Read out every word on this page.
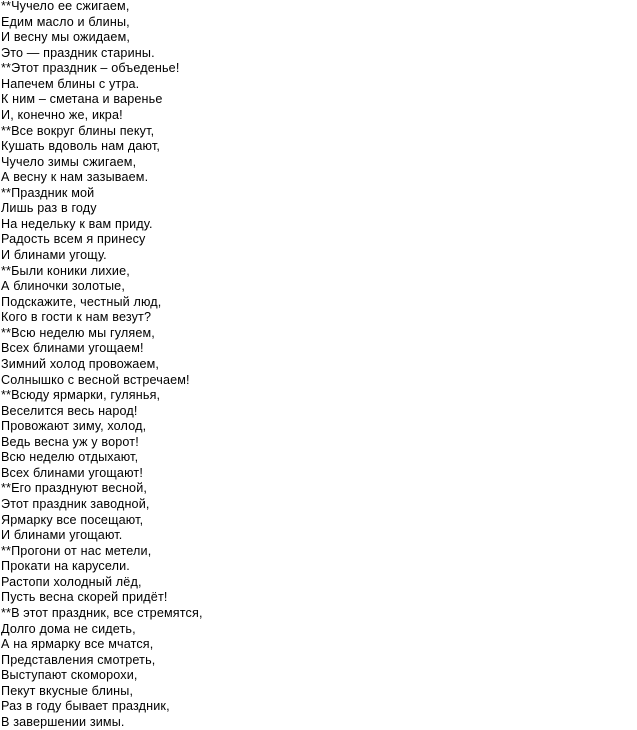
**Чучело ее сжигаем,
Едим масло и блины,
И весну мы ожидаем,
Это — праздник старины.
**Этот праздник – объеденье!
Напечем блины с утра.
К ним – сметана и варенье
И, конечно же, икра!
**Все вокруг блины пекут,
Кушать вдоволь нам дают,
Чучело зимы сжигаем,
А весну к нам зазываем.
**Праздник мой
Лишь раз в году
На недельку к вам приду.
Радость всем я принесу
И блинами угощу.
**Были коники лихие,
А блиночки золотые,
Подскажите, честный люд,
Кого в гости к нам везут?
**Всю неделю мы гуляем,
Всех блинами угощаем!
Зимний холод провожаем,
Солнышко с весной встречаем!
**Всюду ярмарки, гулянья,
Веселится весь народ!
Провожают зиму, холод,
Ведь весна уж у ворот!
Всю неделю отдыхают,
Всех блинами угощают!
**Его празднуют весной,
Этот праздник заводной,
Ярмарку все посещают,
И блинами угощают.
**Прогони от нас метели,
Прокати на карусели.
Растопи холодный лёд,
Пусть весна скорей придёт!
**В этот праздник, все стремятся,
Долго дома не сидеть,
А на ярмарку все мчатся,
Представления смотреть,
Выступают скоморохи,
Пекут вкусные блины,
Раз в году бывает праздник,
В завершении зимы.
